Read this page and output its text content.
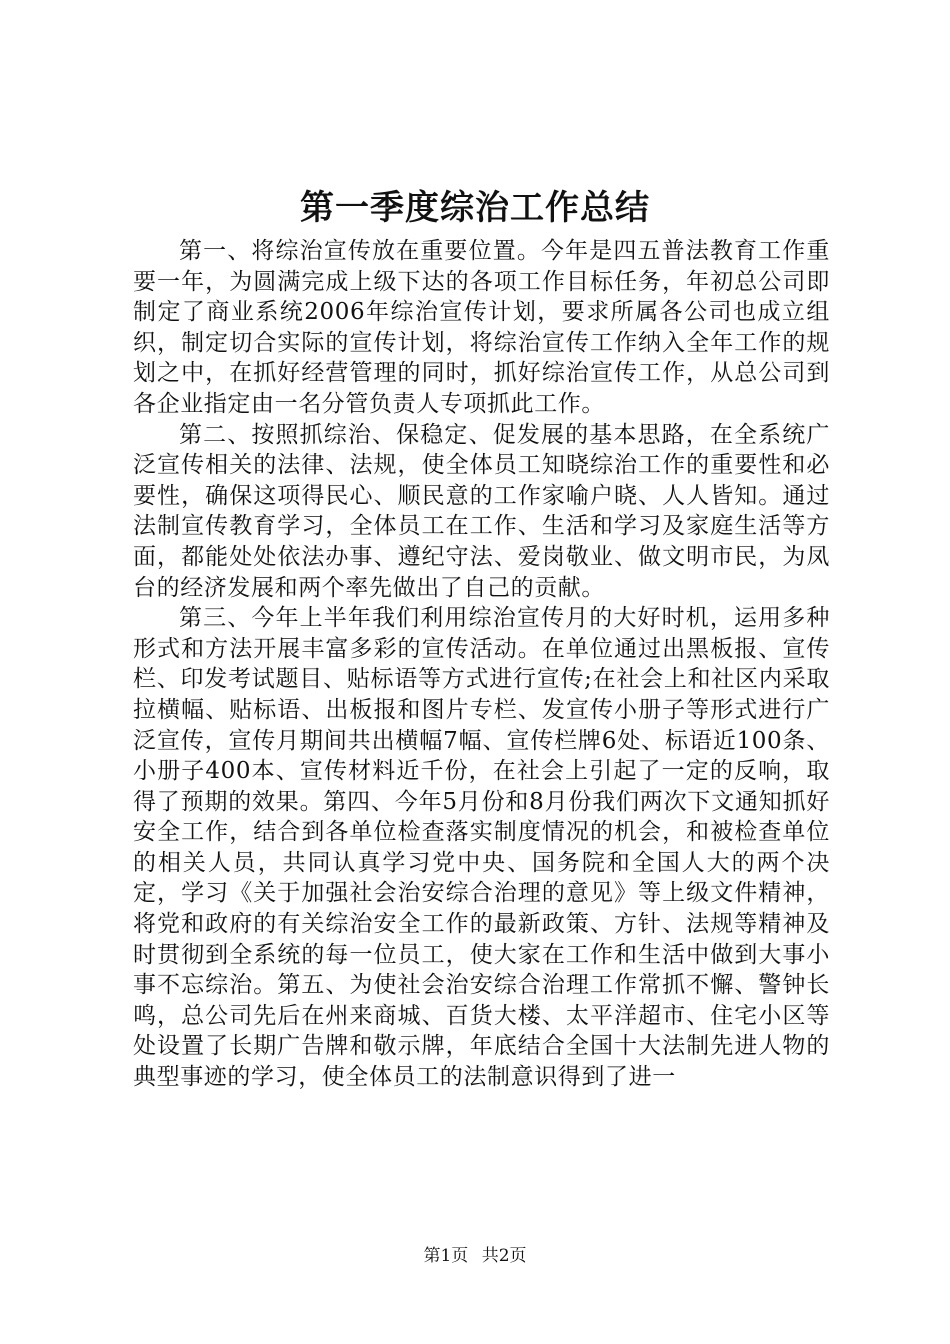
第一季度综治工作总结

第一、将综治宣传放在重要位置。今年是四五普法教育工作重要一年，为圆满完成上级下达的各项工作目标任务，年初总公司即制定了商业系统2006年综治宣传计划，要求所属各公司也成立组织，制定切合实际的宣传计划，将综治宣传工作纳入全年工作的规划之中，在抓好经营管理的同时，抓好综治宣传工作，从总公司到各企业指定由一名分管负责人专项抓此工作。

第二、按照抓综治、保稳定、促发展的基本思路，在全系统广泛宣传相关的法律、法规，使全体员工知晓综治工作的重要性和必要性，确保这项得民心、顺民意的工作家喻户晓、人人皆知。通过法制宣传教育学习，全体员工在工作、生活和学习及家庭生活等方面，都能处处依法办事、遵纪守法、爱岗敬业、做文明市民，为凤台的经济发展和两个率先做出了自己的贡献。

第三、今年上半年我们利用综治宣传月的大好时机，运用多种形式和方法开展丰富多彩的宣传活动。在单位通过出黑板报、宣传栏、印发考试题目、贴标语等方式进行宣传;在社会上和社区内采取拉横幅、贴标语、出板报和图片专栏、发宣传小册子等形式进行广泛宣传，宣传月期间共出横幅7幅、宣传栏牌6处、标语近100条、小册子400本、宣传材料近千份，在社会上引起了一定的反响，取得了预期的效果。第四、今年5月份和8月份我们两次下文通知抓好安全工作，结合到各单位检查落实制度情况的机会，和被检查单位的相关人员，共同认真学习党中央、国务院和全国人大的两个决定，学习《关于加强社会治安综合治理的意见》等上级文件精神，将党和政府的有关综治安全工作的最新政策、方针、法规等精神及时贯彻到全系统的每一位员工，使大家在工作和生活中做到大事小事不忘综治。第五、为使社会治安综合治理工作常抓不懈、警钟长鸣，总公司先后在州来商城、百货大楼、太平洋超市、住宅小区等处设置了长期广告牌和敬示牌，年底结合全国十大法制先进人物的典型事迹的学习，使全体员工的法制意识得到了进一

第1页 共2页
